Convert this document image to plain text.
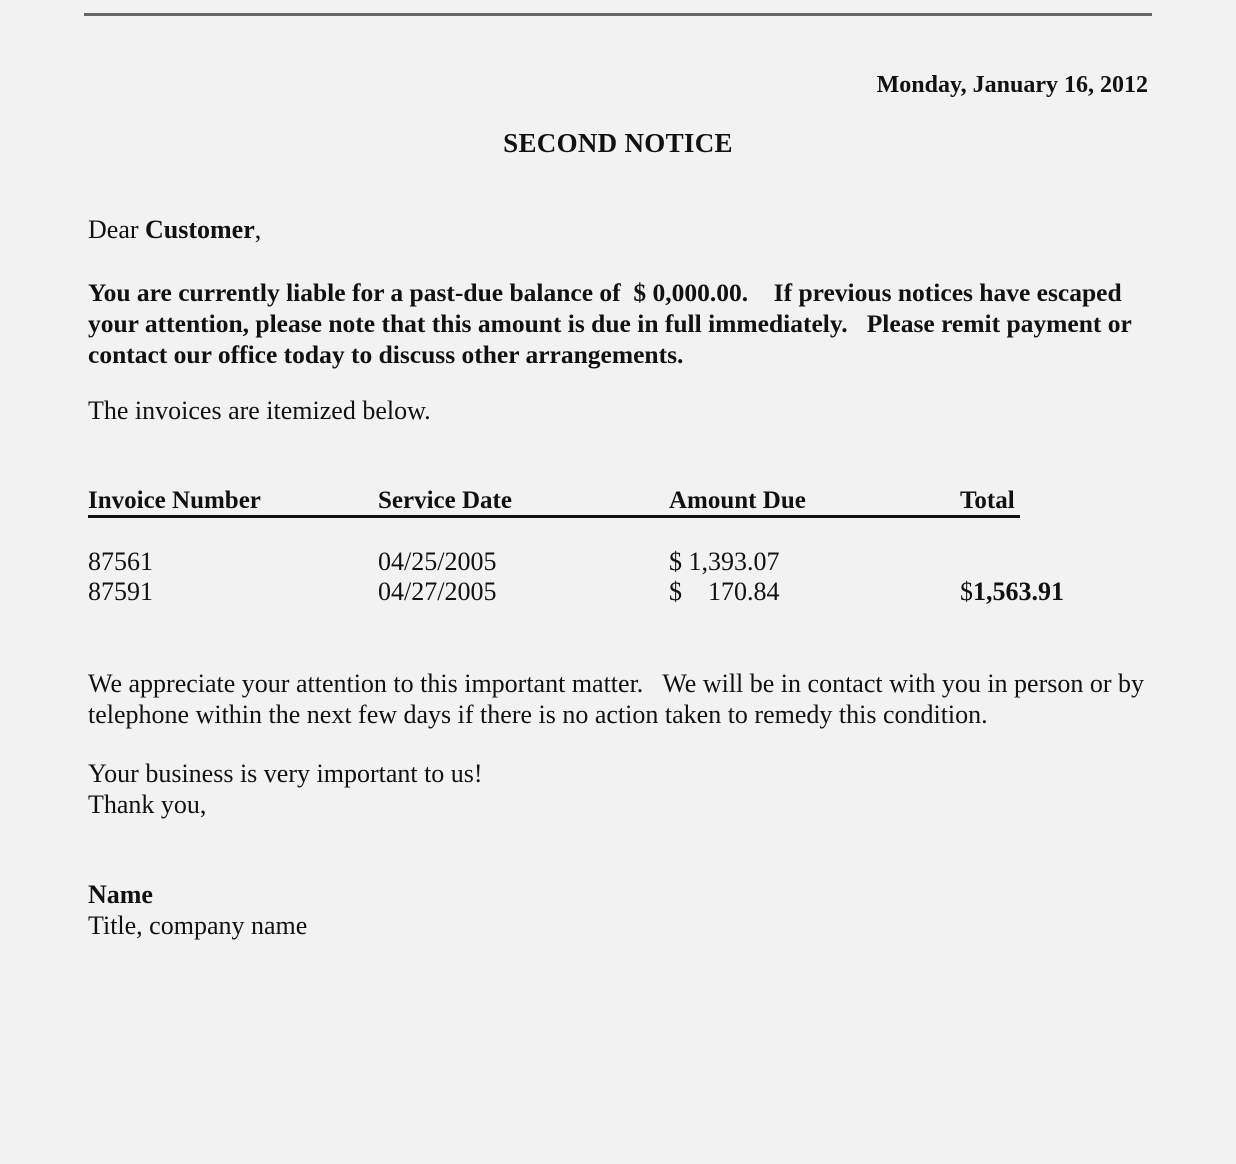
Monday, January 16, 2012
SECOND NOTICE
Dear Customer,
You are currently liable for a past-due balance of  $ 0,000.00.    If previous notices have escaped your attention, please note that this amount is due in full immediately.   Please remit payment or contact our office today to discuss other arrangements.
The invoices are itemized below.
Invoice Number	Service Date	Amount Due	Total
87561	04/25/2005	$ 1,393.07
87591	04/27/2005	$    170.84	$1,563.91
We appreciate your attention to this important matter.   We will be in contact with you in person or by telephone within the next few days if there is no action taken to remedy this condition.
Your business is very important to us!
Thank you,
Name
Title, company name
